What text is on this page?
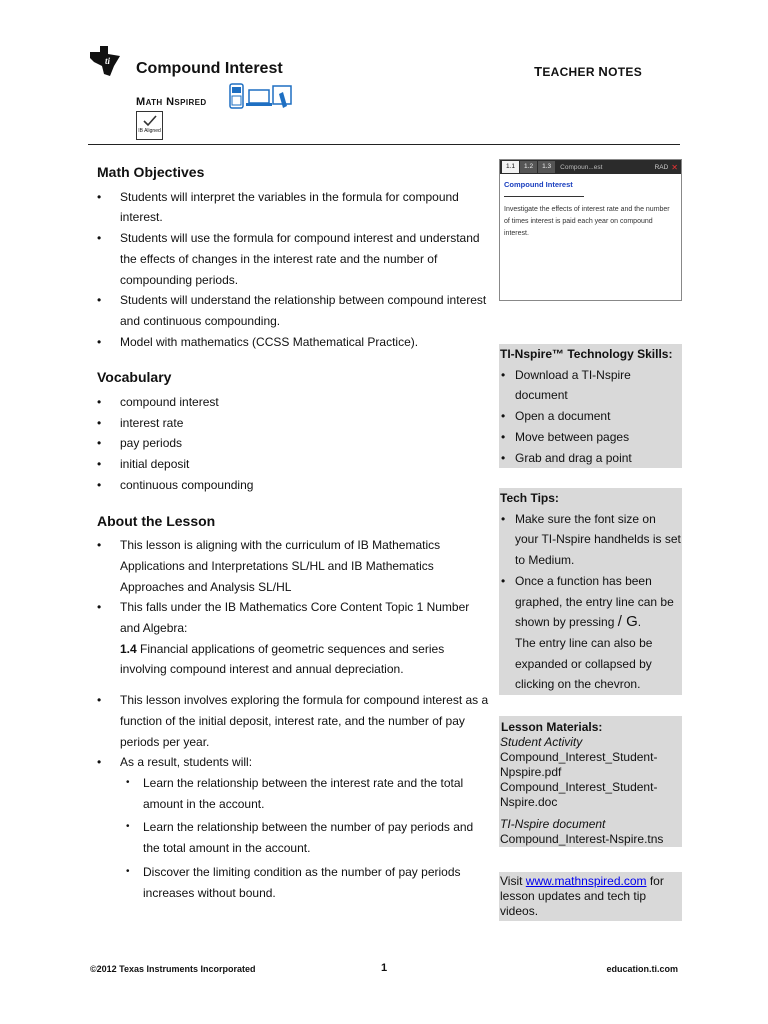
ti Compound Interest	TEACHER NOTES
Math Nspired
IB Aligned
Math Objectives
• Students will interpret the variables in the formula for compound interest.
• Students will use the formula for compound interest and understand the effects of changes in the interest rate and the number of compounding periods.
• Students will understand the relationship between compound interest and continuous compounding.
• Model with mathematics (CCSS Mathematical Practice).
Vocabulary
• compound interest
• interest rate
• pay periods
• initial deposit
• continuous compounding
About the Lesson
• This lesson is aligning with the curriculum of IB Mathematics Applications and Interpretations SL/HL and IB Mathematics Approaches and Analysis SL/HL
• This falls under the IB Mathematics Core Content Topic 1 Number and Algebra:
1.4 Financial applications of geometric sequences and series involving compound interest and annual depreciation.
• This lesson involves exploring the formula for compound interest as a function of the initial deposit, interest rate, and the number of pay periods per year.
• As a result, students will:
• Learn the relationship between the interest rate and the total amount in the account.
• Learn the relationship between the number of pay periods and the total amount in the account.
• Discover the limiting condition as the number of pay periods increases without bound.
1.1	1.2	1.3	Compoun...est	RAD ✕
Compound Interest
Investigate the effects of interest rate and the number of times interest is paid each year on compound interest.
TI-Nspire™ Technology Skills:
• Download a TI-Nspire document
• Open a document
• Move between pages
• Grab and drag a point
Tech Tips:
• Make sure the font size on your TI-Nspire handhelds is set to Medium.
• Once a function has been graphed, the entry line can be shown by pressing / G.
The entry line can also be expanded or collapsed by clicking on the chevron.
Lesson Materials:
Student Activity
Compound_Interest_Student-Npspire.pdf
Compound_Interest_Student-Nspire.doc
TI-Nspire document
Compound_Interest-Nspire.tns
Visit www.mathnspired.com for lesson updates and tech tip videos.
©2012 Texas Instruments Incorporated	1	education.ti.com
